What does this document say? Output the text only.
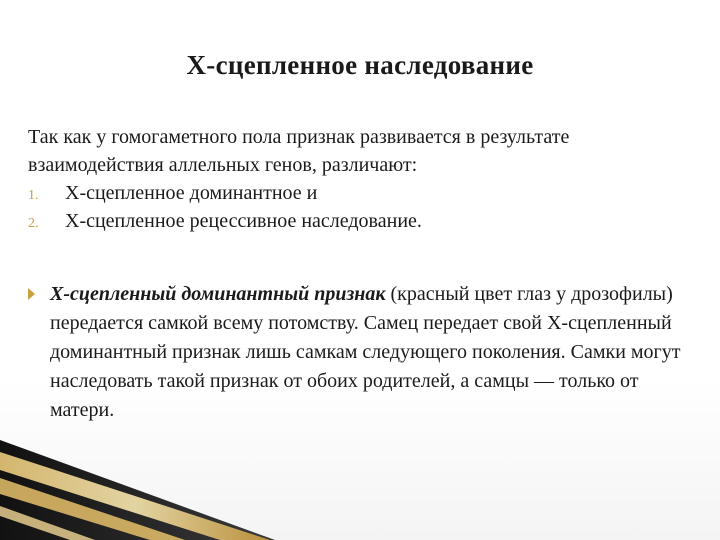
X-сцепленное наследование

Так как у гомогаметного пола признак развивается в результате взаимодействия аллельных генов, различают:

1. X-сцепленное доминантное и
2. X-сцепленное рецессивное наследование.

X-сцепленный доминантный признак (красный цвет глаз у дрозофилы) передается самкой всему потомству. Самец передает свой X-сцепленный доминантный признак лишь самкам следующего поколения. Самки могут наследовать такой признак от обоих родителей, а самцы — только от матери.
